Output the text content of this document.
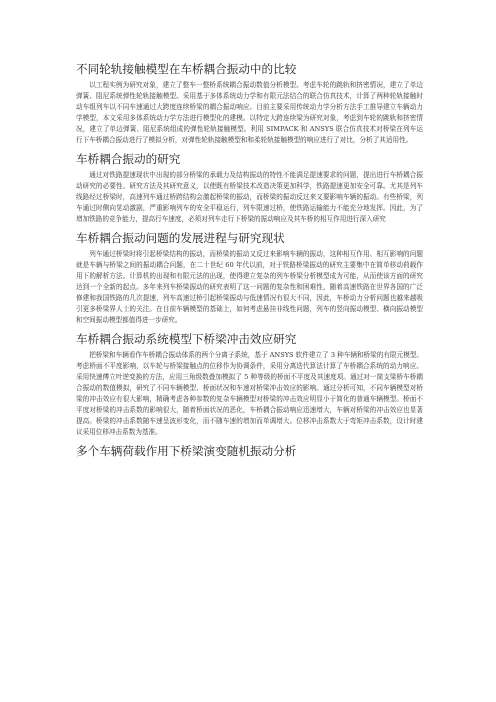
不同轮轨接触模型在车桥耦合振动中的比较

以工程实例为研究对象，建立了整车一整桥系统耦合振动数值分析模型。考虑车轮的跳轨和挤密情况，建立了单边弹簧、阻尼系统弹性轮轨接触模型。采用基于多体系统动力学和有限元法结合的联合仿真技术，计算了两种轮轨接触时动车组列车以不同车速通过大跨度连续桥梁的耦合振动响应。目前主要采用传统动力学分析方法手工推导建立车辆动力学模型，本文采用多体系统动力学方法进行模型化的建模。以特定大跨连续梁为研究对象，考虑到车轮的跳轨和挤密情况，建立了单边弹簧、阻尼系统组成的弹性轮轨接触模型。利用 SIMPACK 和 ANSYS 联合仿真技术对桥梁在列车运行下车桥耦合振动进行了模拟分析，对弹性轮轨接触模型和和柔轮轨接触模型的响应进行了对比，分析了其适用性。

车桥耦合振动的研究

通过对铁路提速现状中出现的部分桥梁的承载力及结构振动的特性不能满足提速要求的问题，提出进行车桥耦合振动研究的必要性、研究方法及其研究意义，以使既有桥梁技术改造决策更加科学，铁路提速更加安全可靠。尤其是列车线路经过桥梁时，高速列车通过桥跨结构会激起桥梁的振动，而桥梁的振动反过来又要影响车辆的振动。有些桥梁，列车通过时侧向晃动激剧，严重影响列车的安全平稳运行，列车限速过桥，使铁路运输能力不能充分地发挥。因此，为了增加铁路的竞争能力，提高行车速度，必须对列车走行下桥梁的振动响应及其车桥的相互作用进行深入研究

车桥耦合振动问题的发展进程与研究现状

列车通过桥梁时将引起桥梁结构的振动，而桥梁的振动又反过来影响车辆的振动，这种相互作用、相互影响的问题就是车辆与桥梁之间的振动耦合问题，在二十世纪 60 年代以前，对于铁路桥梁振动的研究主要集中在简单移动荷载作用下的解析方法。计算机的出现和有限元法的出现，使得建立复杂的列车桥梁分析模型成为可能，从而使该方面的研究达到一个全新的起点。多年来列车桥梁振动的研究表明了这一问题的复杂性和困难性，随着高速铁路在世界各国的广泛修建和我国铁路的几次提速，列车高速过桥引起桥梁振动与低速情况有很大不同，因此，车桥动力分析问题也越来越吸引更多桥梁界人士的关注。在目前车辆模型的基础上，如何考虑悬挂非线性问题，列车的竖向振动模型、横向振动模型和空间振动模型都值得进一步研究。

车桥耦合振动系统模型下桥梁冲击效应研究

把桥梁和车辆看作车桥耦合振动体系的两个分离子系统，基于 ANSYS 软件建立了 3 种车辆和桥梁的有限元模型。考虑桥面不平度影响，以车轮与桥梁接触点的位移作为协调条件，采用分离迭代算法计算了车桥耦合系统的动力响应。采用快速傅立叶逆变换的方法，应用三角级数叠加模拟了 5 种等级的桥面不平度及其速度项。通过对一简支梁桥车桥耦合振动的数值模拟，研究了不同车辆模型、桥面状况和车速对桥梁冲击效应的影响。通过分析可知，不同车辆模型对桥梁的冲击效应有很大影响，精确考虑各种参数的复杂车辆模型对桥梁的冲击效应明显小于简化的普通车辆模型。桥面不平度对桥梁的冲击系数的影响很大，随着桥面状况的恶化，车桥耦合振动响应迅速增大，车辆对桥梁的冲击效应也显著提高。桥梁的冲击系数随车速呈波形变化，而不随车速的增加而单调增大。位移冲击系数大于弯矩冲击系数，设计时建议采用位移冲击系数为基准。

多个车辆荷载作用下桥梁演变随机振动分析
